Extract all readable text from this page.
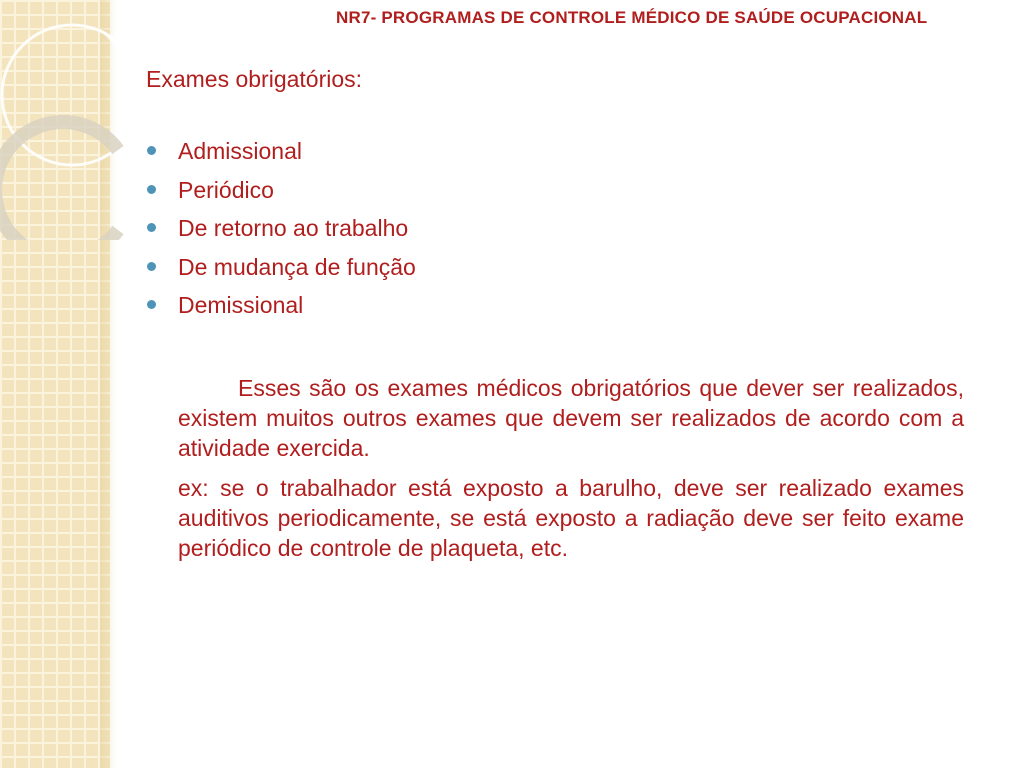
NR7- PROGRAMAS DE CONTROLE MÉDICO DE SAÚDE OCUPACIONAL

Exames obrigatórios:

Admissional
Periódico
De retorno ao trabalho
De mudança de função
Demissional

Esses são os exames médicos obrigatórios que dever ser realizados, existem muitos outros exames que devem ser realizados de acordo com a atividade exercida.

ex: se o trabalhador está exposto a barulho, deve ser realizado exames auditivos periodicamente, se está exposto a radiação deve ser feito exame periódico de controle de plaqueta, etc.
